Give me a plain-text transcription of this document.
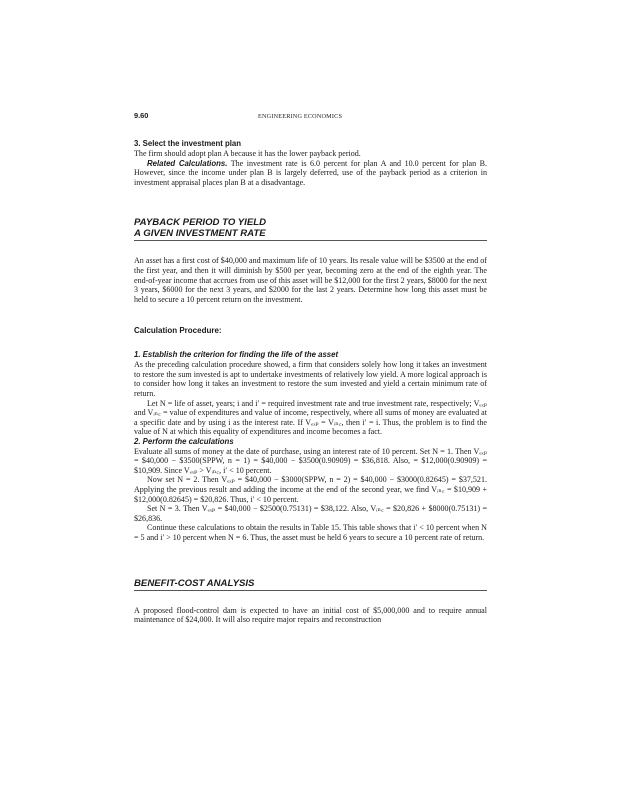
9.60	ENGINEERING ECONOMICS
3. Select the investment plan

The firm should adopt plan A because it has the lower payback period.

Related Calculations. The investment rate is 6.0 percent for plan A and 10.0 percent for plan B. However, since the income under plan B is largely deferred, use of the payback period as a criterion in investment appraisal places plan B at a disadvantage.

PAYBACK PERIOD TO YIELD
A GIVEN INVESTMENT RATE

An asset has a first cost of $40,000 and maximum life of 10 years. Its resale value will be $3500 at the end of the first year, and then it will diminish by $500 per year, becoming zero at the end of the eighth year. The end-of-year income that accrues from use of this asset will be $12,000 for the first 2 years, $8000 for the next 3 years, $6000 for the next 3 years, and $2000 for the last 2 years. Determine how long this asset must be held to secure a 10 percent return on the investment.

Calculation Procedure:
1. Establish the criterion for finding the life of the asset

As the preceding calculation procedure showed, a firm that considers solely how long it takes an investment to restore the sum invested is apt to undertake investments of relatively low yield. A more logical approach is to consider how long it takes an investment to restore the sum invested and yield a certain minimum rate of return.

Let N = life of asset, years; i and i′ = required investment rate and true investment rate, respectively; Vₑₓₚ and Vᵢₙ꜀ = value of expenditures and value of income, respectively, where all sums of money are evaluated at a specific date and by using i as the interest rate. If Vₑₓₚ = Vᵢₙ꜀, then i′ = i. Thus, the problem is to find the value of N at which this equality of expenditures and income becomes a fact.

2. Perform the calculations

Evaluate all sums of money at the date of purchase, using an interest rate of 10 percent. Set N = 1. Then Vₑₓₚ = $40,000 − $3500(SPPW, n = 1) = $40,000 − $3500(0.90909) = $36,818. Also, = $12,000(0.90909) = $10,909. Since Vₑₓₚ > Vᵢₙ꜀, i′ < 10 percent.

Now set N = 2. Then Vₑₓₚ = $40,000 − $3000(SPPW, n = 2) = $40,000 − $3000(0.82645) = $37,521. Applying the previous result and adding the income at the end of the second year, we find Vᵢₙ꜀ = $10,909 + $12,000(0.82645) = $20,826. Thus, i′ < 10 percent.

Set N = 3. Then Vₑₓₚ = $40,000 − $2500(0.75131) = $38,122. Also, Vᵢₙ꜀ = $20,826 + $8000(0.75131) = $26,836.

Continue these calculations to obtain the results in Table 15. This table shows that i′ < 10 percent when N = 5 and i′ > 10 percent when N = 6. Thus, the asset must be held 6 years to secure a 10 percent rate of return.

BENEFIT-COST ANALYSIS

A proposed flood-control dam is expected to have an initial cost of $5,000,000 and to require annual maintenance of $24,000. It will also require major repairs and reconstruction
